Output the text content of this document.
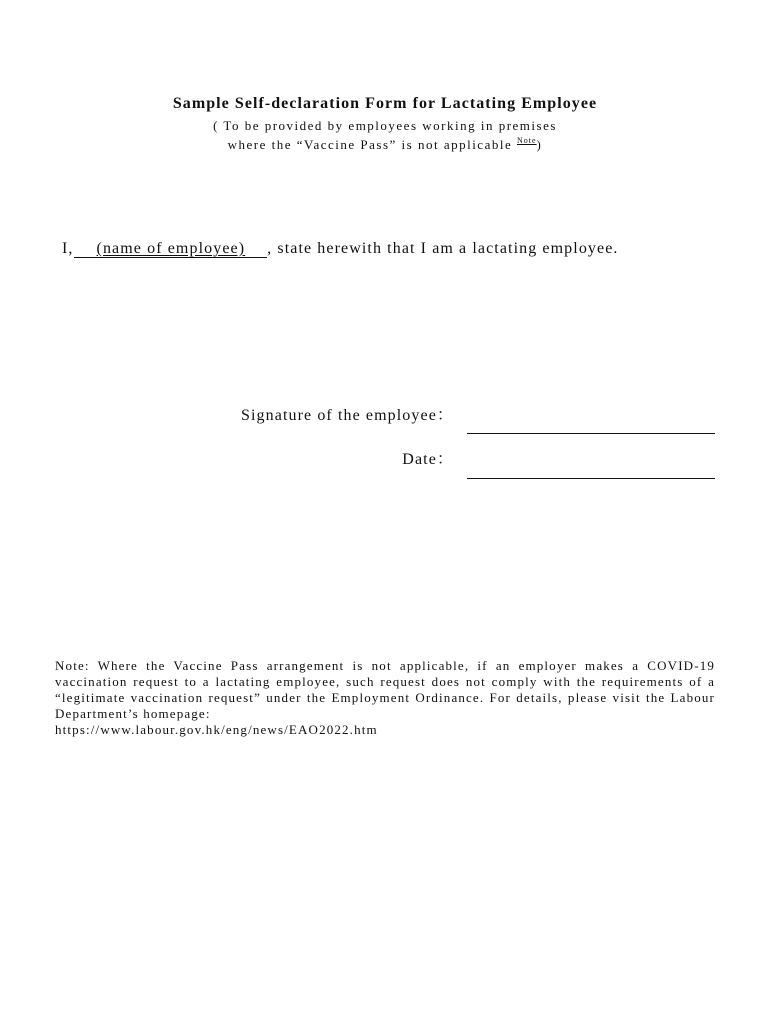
Sample Self-declaration Form for Lactating Employee
( To be provided by employees working in premises
where the “Vaccine Pass” is not applicable $^{Note}$)
I, (name of employee) , state herewith that I am a lactating employee.
Signature of the employee：
Date：

Note: Where the Vaccine Pass arrangement is not applicable, if an employer makes a COVID-19 vaccination request to a lactating employee, such request does not comply with the requirements of a “legitimate vaccination request” under the Employment Ordinance. For details, please visit the Labour Department’s homepage:

https://www.labour.gov.hk/eng/news/EAO2022.htm
